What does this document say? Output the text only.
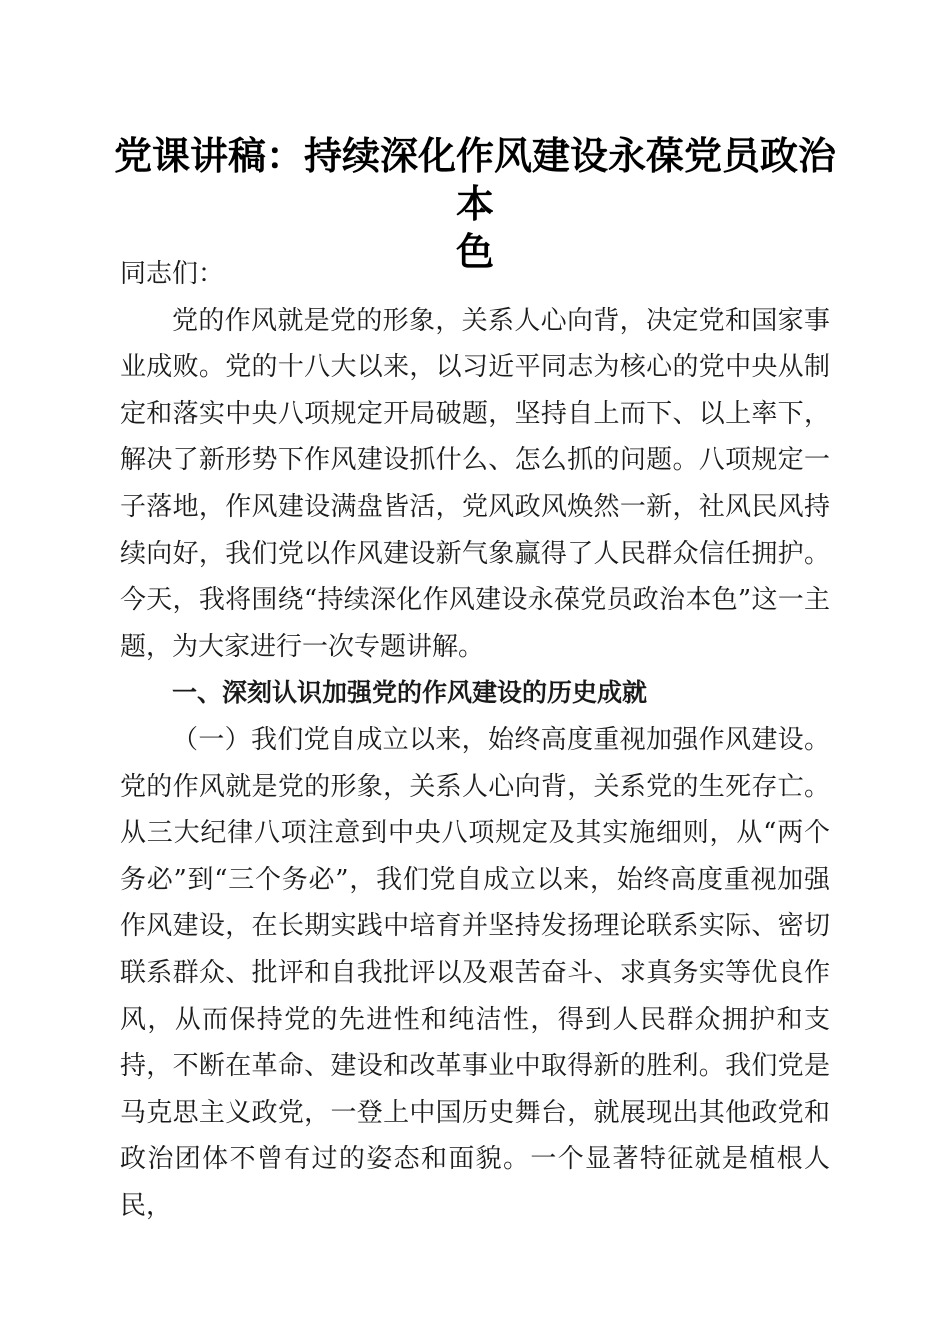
党课讲稿：持续深化作风建设永葆党员政治本
色

同志们：

党的作风就是党的形象，关系人心向背，决定党和国家事业成败。党的十八大以来，以习近平同志为核心的党中央从制定和落实中央八项规定开局破题，坚持自上而下、以上率下，解决了新形势下作风建设抓什么、怎么抓的问题。八项规定一子落地，作风建设满盘皆活，党风政风焕然一新，社风民风持续向好，我们党以作风建设新气象赢得了人民群众信任拥护。今天，我将围绕“持续深化作风建设永葆党员政治本色”这一主题，为大家进行一次专题讲解。

一、深刻认识加强党的作风建设的历史成就

（一）我们党自成立以来，始终高度重视加强作风建设。党的作风就是党的形象，关系人心向背，关系党的生死存亡。从三大纪律八项注意到中央八项规定及其实施细则，从“两个务必”到“三个务必”，我们党自成立以来，始终高度重视加强作风建设，在长期实践中培育并坚持发扬理论联系实际、密切联系群众、批评和自我批评以及艰苦奋斗、求真务实等优良作风，从而保持党的先进性和纯洁性，得到人民群众拥护和支持，不断在革命、建设和改革事业中取得新的胜利。我们党是马克思主义政党，一登上中国历史舞台，就展现出其他政党和政治团体不曾有过的姿态和面貌。一个显著特征就是植根人民，
